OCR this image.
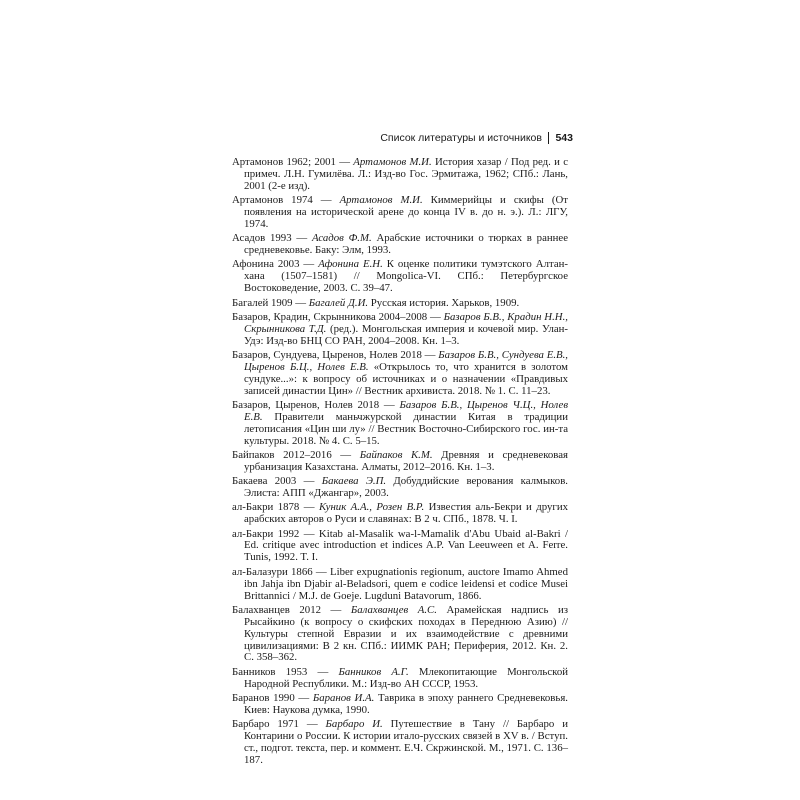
Список литературы и источников 543
Артамонов 1962; 2001 — Артамонов М.И. История хазар / Под ред. и с примеч. Л.Н. Гумилёва. Л.: Изд-во Гос. Эрмитажа, 1962; СПб.: Лань, 2001 (2-е изд).
Артамонов 1974 — Артамонов М.И. Киммерийцы и скифы (От появления на исторической арене до конца IV в. до н. э.). Л.: ЛГУ, 1974.
Асадов 1993 — Асадов Ф.М. Арабские источники о тюрках в раннее средневековье. Баку: Элм, 1993.
Афонина 2003 — Афонина Е.Н. К оценке политики тумэтского Алтан-хана (1507–1581) // Mongolica-VI. СПб.: Петербургское Востоковедение, 2003. С. 39–47.
Багалей 1909 — Багалей Д.И. Русская история. Харьков, 1909.
Базаров, Крадин, Скрынникова 2004–2008 — Базаров Б.В., Крадин Н.Н., Скрынникова Т.Д. (ред.). Монгольская империя и кочевой мир. Улан-Удэ: Изд-во БНЦ СО РАН, 2004–2008. Кн. 1–3.
Базаров, Сундуева, Цыренов, Нолев 2018 — Базаров Б.В., Сундуева Е.В., Цыренов Б.Ц., Нолев Е.В. «Открылось то, что хранится в золотом сундуке...»: к вопросу об источниках и о назначении «Правдивых записей династии Цин» // Вестник архивиста. 2018. № 1. С. 11–23.
Базаров, Цыренов, Нолев 2018 — Базаров Б.В., Цыренов Ч.Ц., Нолев Е.В. Правители маньчжурской династии Китая в традиции летописания «Цин ши лу» // Вестник Восточно-Сибирского гос. ин-та культуры. 2018. № 4. С. 5–15.
Байпаков 2012–2016 — Байпаков К.М. Древняя и средневековая урбанизация Казахстана. Алматы, 2012–2016. Кн. 1–3.
Бакаева 2003 — Бакаева Э.П. Добуддийские верования калмыков. Элиста: АПП «Джангар», 2003.
ал-Бакри 1878 — Куник А.А., Розен В.Р. Известия аль-Бекри и других арабских авторов о Руси и славянах: В 2 ч. СПб., 1878. Ч. I.
ал-Бакри 1992 — Kitab al-Masalik wa-l-Mamalik d'Abu Ubaid al-Bakri / Ed. critique avec introduction et indices A.P. Van Leeuween et A. Ferre. Tunis, 1992. T. I.
ал-Балазури 1866 — Liber expugnationis regionum, auctore Imamo Ahmed ibn Jahja ibn Djabir al-Beladsori, quem e codice leidensi et codice Musei Brittannici / M.J. de Goeje. Lugduni Batavorum, 1866.
Балахванцев 2012 — Балахванцев А.С. Арамейская надпись из Рысайкино (к вопросу о скифских походах в Переднюю Азию) // Культуры степной Евразии и их взаимодействие с древними цивилизациями: В 2 кн. СПб.: ИИМК РАН; Периферия, 2012. Кн. 2. С. 358–362.
Банников 1953 — Банников А.Г. Млекопитающие Монгольской Народной Республики. М.: Изд-во АН СССР, 1953.
Баранов 1990 — Баранов И.А. Таврика в эпоху раннего Средневековья. Киев: Наукова думка, 1990.
Барбаро 1971 — Барбаро И. Путешествие в Тану // Барбаро и Контарини о России. К истории итало-русских связей в XV в. / Вступ. ст., подгот. текста, пер. и коммент. Е.Ч. Скржинской. М., 1971. С. 136–187.
